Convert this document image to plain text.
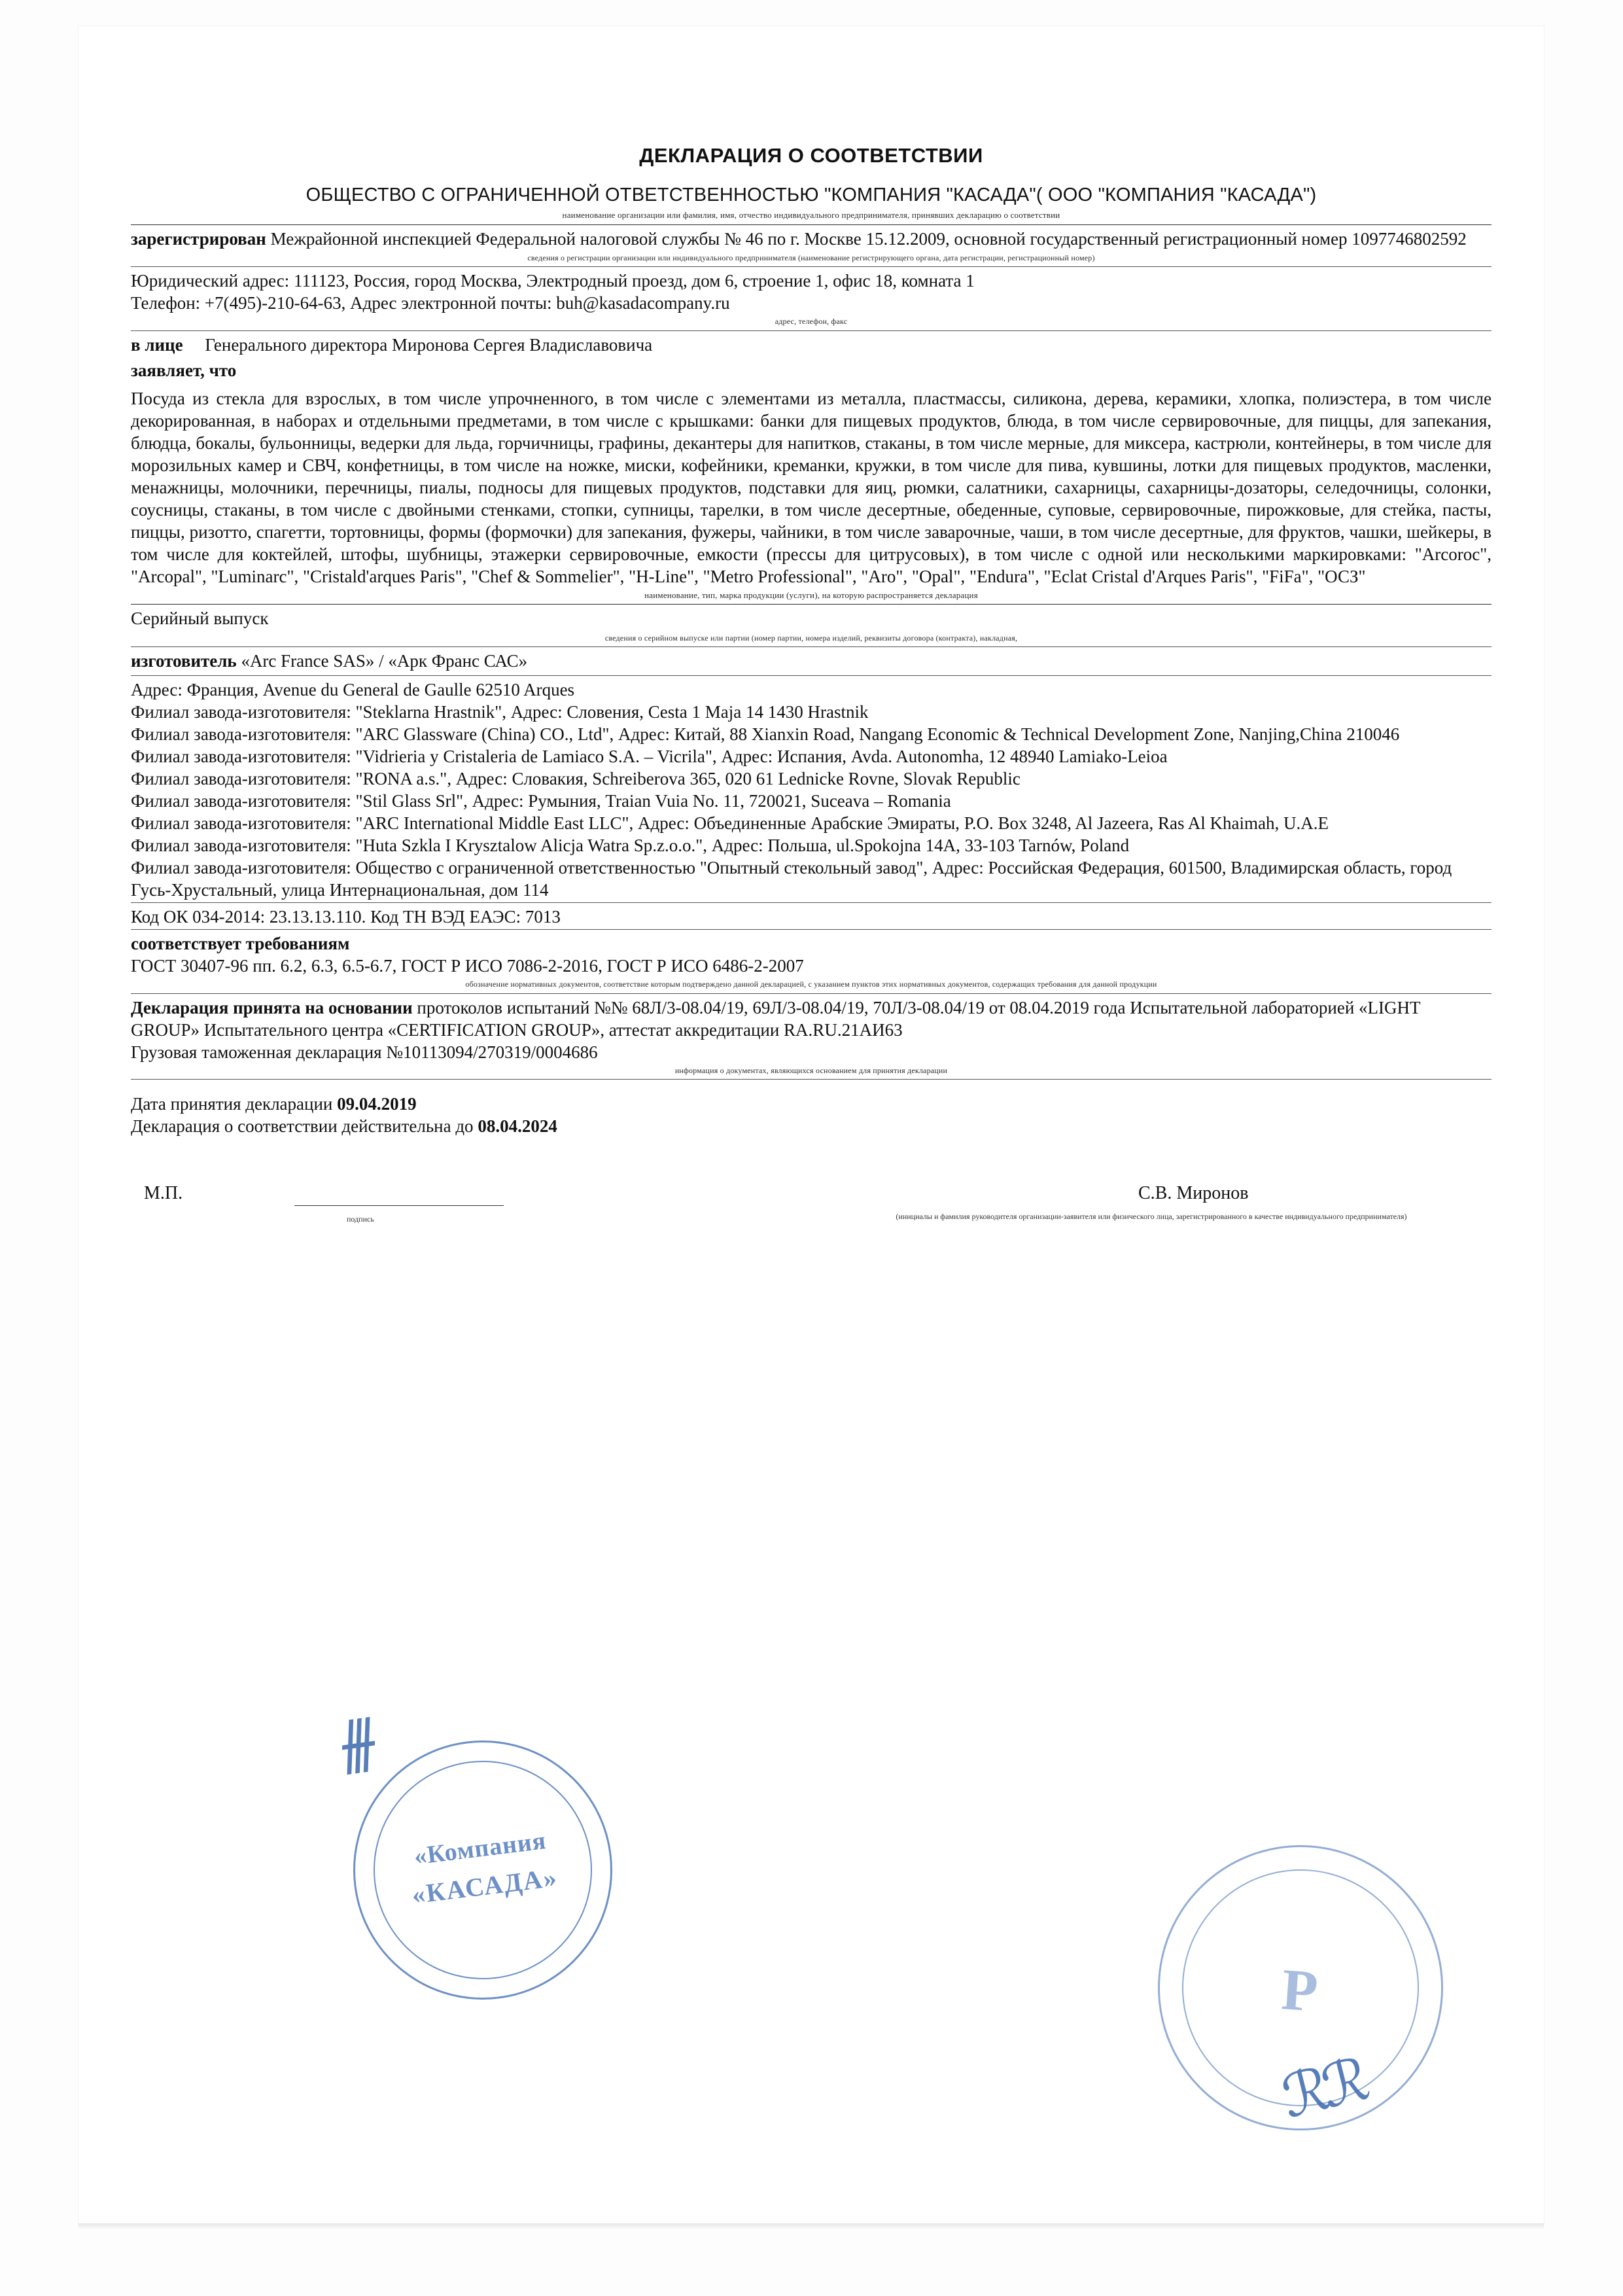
ДЕКЛАРАЦИЯ О СООТВЕТСТВИИ
ОБЩЕСТВО С ОГРАНИЧЕННОЙ ОТВЕТСТВЕННОСТЬЮ "КОМПАНИЯ "КАСАДА"( ООО "КОМПАНИЯ "КАСАДА")
наименование организации или фамилия, имя, отчество индивидуального предпринимателя, принявших декларацию о соответствии
зарегистрирован Межрайонной инспекцией Федеральной налоговой службы № 46 по г. Москве 15.12.2009, основной государственный регистрационный номер 1097746802592
сведения о регистрации организации или индивидуального предпринимателя (наименование регистрирующего органа, дата регистрации, регистрационный номер)
Юридический адрес: 111123, Россия, город Москва, Электродный проезд, дом 6, строение 1, офис 18, комната 1
Телефон: +7(495)-210-64-63, Адрес электронной почты: buh@kasadacompany.ru
адрес, телефон, факс
в лице Генерального директора Миронова Сергея Владиславовича
заявляет, что
Посуда из стекла для взрослых, в том числе упрочненного, в том числе с элементами из металла, пластмассы, силикона, дерева, керамики, хлопка, полиэстера, в том числе декорированная, в наборах и отдельными предметами, в том числе с крышками: банки для пищевых продуктов, блюда, в том числе сервировочные, для пиццы, для запекания, блюдца, бокалы, бульонницы, ведерки для льда, горчичницы, графины, декантеры для напитков, стаканы, в том числе мерные, для миксера, кастрюли, контейнеры, в том числе для морозильных камер и СВЧ, конфетницы, в том числе на ножке, миски, кофейники, креманки, кружки, в том числе для пива, кувшины, лотки для пищевых продуктов, масленки, менажницы, молочники, перечницы, пиалы, подносы для пищевых продуктов, подставки для яиц, рюмки, салатники, сахарницы, сахарницы-дозаторы, селедочницы, солонки, соусницы, стаканы, в том числе с двойными стенками, стопки, супницы, тарелки, в том числе десертные, обеденные, суповые, сервировочные, пирожковые, для стейка, пасты, пиццы, ризотто, спагетти, тортовницы, формы (формочки) для запекания, фужеры, чайники, в том числе заварочные, чаши, в том числе десертные, для фруктов, чашки, шейкеры, в том числе для коктейлей, штофы, шубницы, этажерки сервировочные, емкости (прессы для цитрусовых), в том числе с одной или несколькими маркировками: "Arcoroc", "Arcopal", "Luminarc", "Cristald'arques Paris", "Chef & Sommelier", "H-Line", "Metro Professional", "Aro", "Opal", "Endura", "Eclat Cristal d'Arques Paris", "FiFa", "ОСЗ"
наименование, тип, марка продукции (услуги), на которую распространяется декларация
Серийный выпуск
сведения о серийном выпуске или партии (номер партии, номера изделий, реквизиты договора (контракта), накладная,
изготовитель «Arc France SAS» / «Арк Франс САС»
Адрес: Франция, Avenue du General de Gaulle 62510 Arques
Филиал завода-изготовителя: "Steklarna Hrastnik", Адрес: Словения, Cesta 1 Maja 14 1430 Hrastnik
Филиал завода-изготовителя: "ARC Glassware (China) CO., Ltd", Адрес: Китай, 88 Xianxin Road, Nangang Economic & Technical Development Zone, Nanjing,China 210046
Филиал завода-изготовителя: "Vidrieria y Cristaleria de Lamiaco S.A. – Vicrila", Адрес: Испания, Avda. Autonomha, 12 48940 Lamiako-Leioa
Филиал завода-изготовителя: "RONA a.s.", Адрес: Словакия, Schreiberova 365, 020 61 Lednicke Rovne, Slovak Republic
Филиал завода-изготовителя: "Stil Glass Srl", Адрес: Румыния, Traian Vuia No. 11, 720021, Suceava – Romania
Филиал завода-изготовителя: "ARC International Middle East LLC", Адрес: Объединенные Арабские Эмираты, P.O. Box 3248, Al Jazeera, Ras Al Khaimah, U.A.E
Филиал завода-изготовителя: "Huta Szkla I Krysztalow Alicja Watra Sp.z.o.o.", Адрес: Польша, ul.Spokojna 14A, 33-103 Tarnów, Poland
Филиал завода-изготовителя: Общество с ограниченной ответственностью "Опытный стекольный завод", Адрес: Российская Федерация, 601500, Владимирская область, город Гусь-Хрустальный, улица Интернациональная, дом 114
Код ОК 034-2014: 23.13.13.110. Код ТН ВЭД ЕАЭС: 7013
соответствует требованиям
ГОСТ 30407-96 пп. 6.2, 6.3, 6.5-6.7, ГОСТ Р ИСО 7086-2-2016, ГОСТ Р ИСО 6486-2-2007
обозначение нормативных документов, соответствие которым подтверждено данной декларацией, с указанием пунктов этих нормативных документов, содержащих требования для данной продукции
Декларация принята на основании протоколов испытаний №№ 68Л/3-08.04/19, 69Л/3-08.04/19, 70Л/3-08.04/19 от 08.04.2019 года Испытательной лабораторией «LIGHT GROUP» Испытательного центра «CERTIFICATION GROUP», аттестат аккредитации RA.RU.21АИ63
Грузовая таможенная декларация №10113094/270319/0004686
информация о документах, являющихся основанием для принятия декларации
Дата принятия декларации 09.04.2019
Декларация о соответствии действительна до 08.04.2024
М.П.
подпись
С.В. Миронов
(инициалы и фамилия руководителя организации-заявителя или физического лица, зарегистрированного в качестве индивидуального предпринимателя)
⟊⟊⟊
ℛℛ
«Компания
«КАСАДА»
P
